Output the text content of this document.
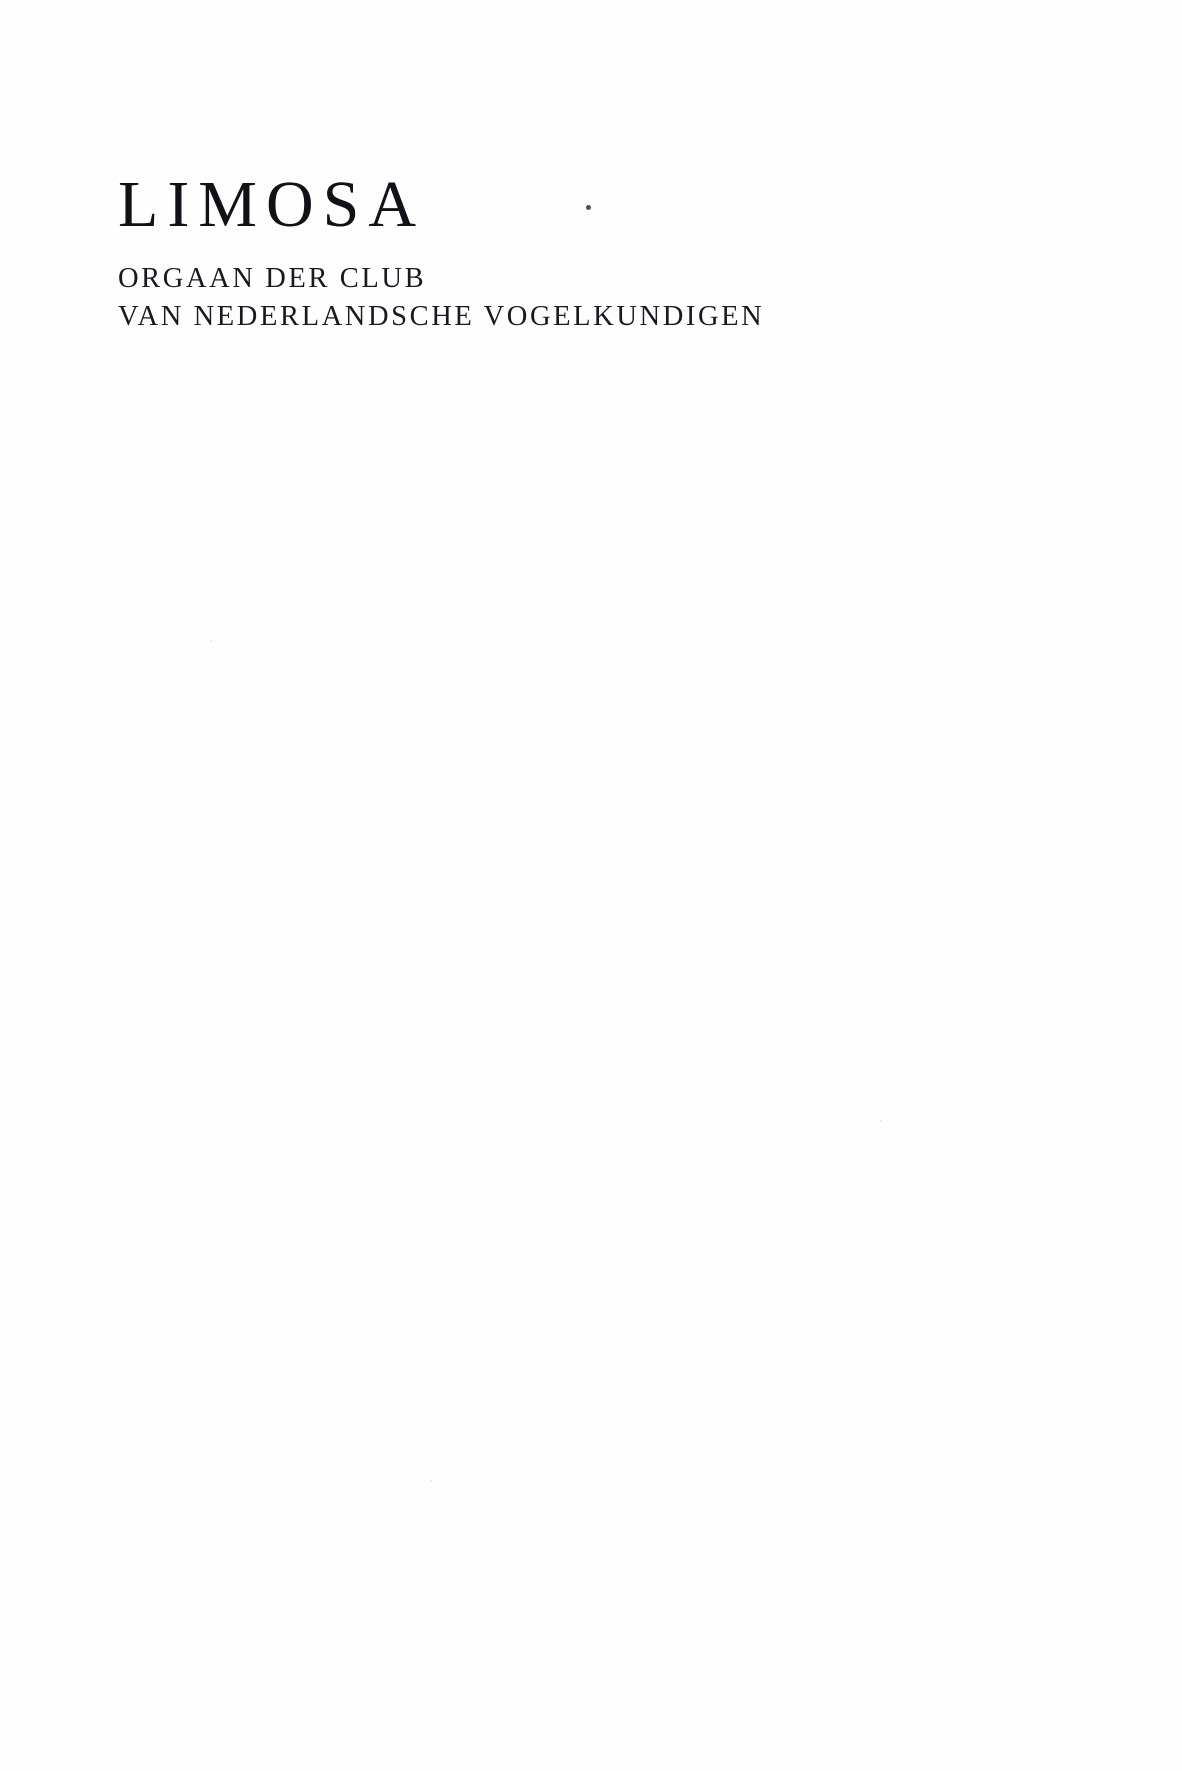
LIMOSA

ORGAAN DER CLUB

VAN NEDERLANDSCHE VOGELKUNDIGEN
